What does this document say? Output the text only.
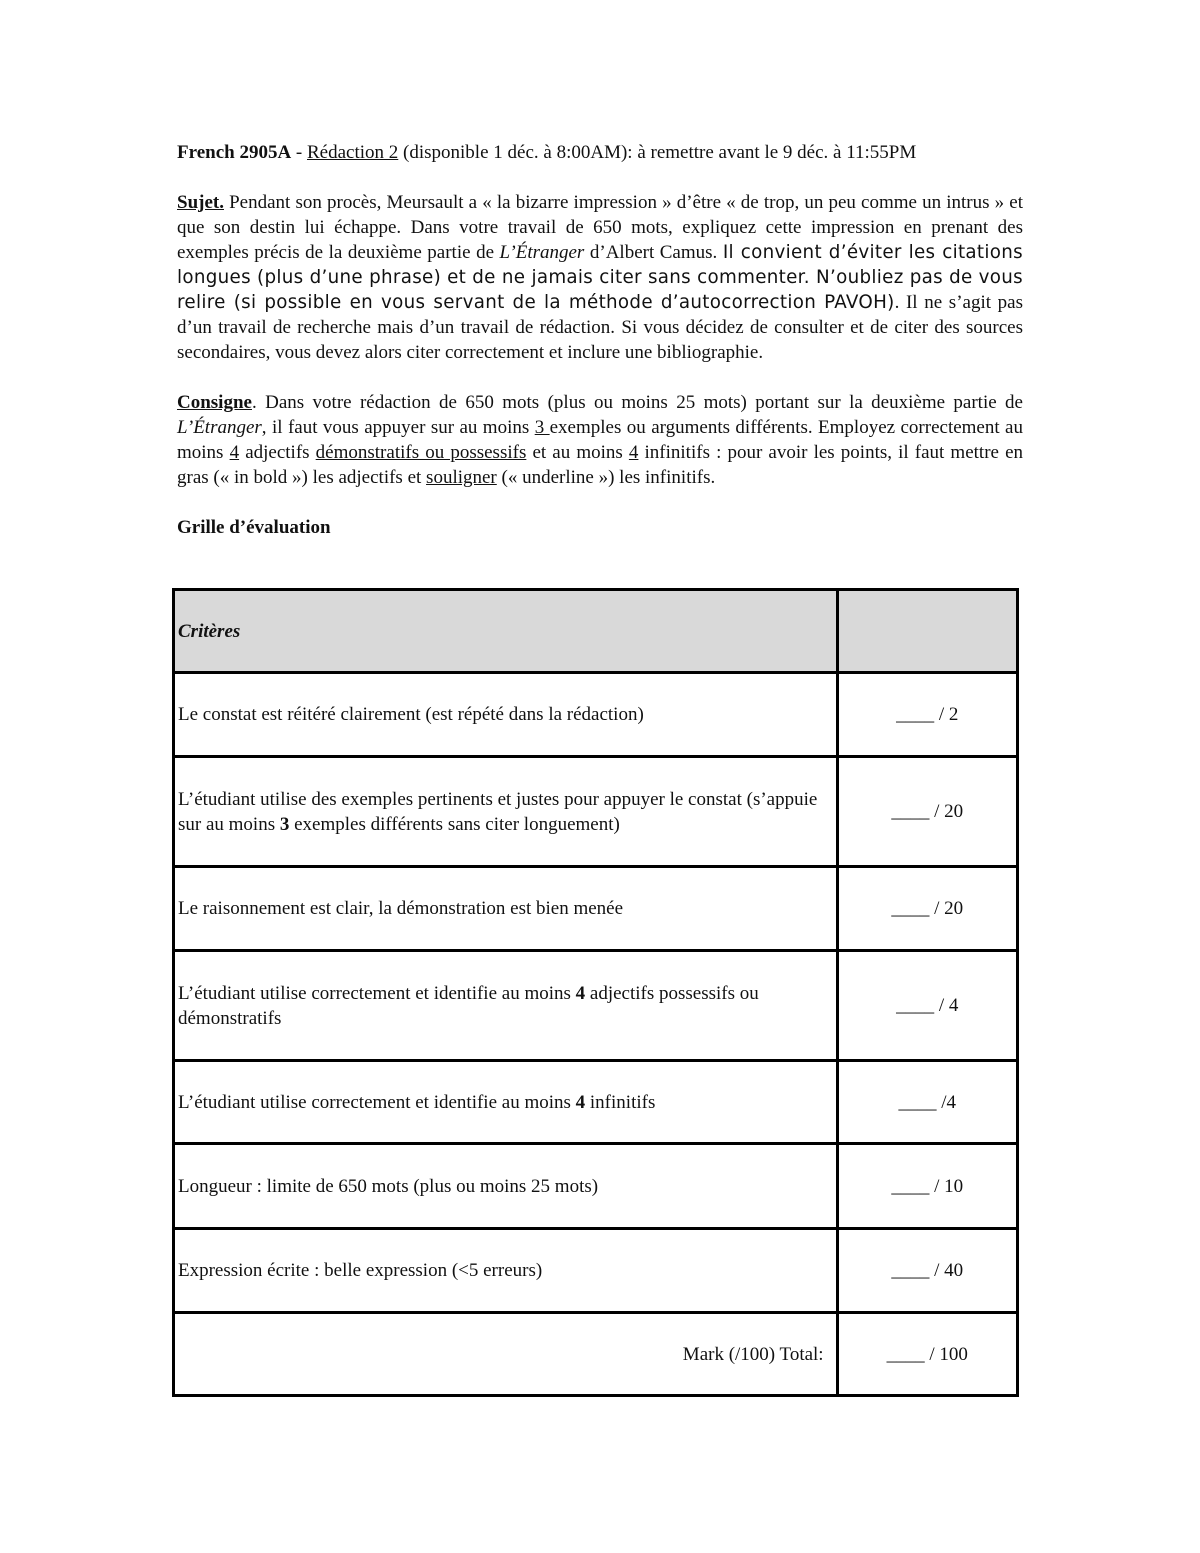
French 2905A - Rédaction 2 (disponible 1 déc. à 8:00AM): à remettre avant le 9 déc. à 11:55PM

Sujet. Pendant son procès, Meursault a « la bizarre impression » d’être « de trop, un peu comme un intrus » et que son destin lui échappe. Dans votre travail de 650 mots, expliquez cette impression en prenant des exemples précis de la deuxième partie de L’Étranger d’Albert Camus. Il convient d’éviter les citations longues (plus d’une phrase) et de ne jamais citer sans commenter. N’oubliez pas de vous relire (si possible en vous servant de la méthode d’autocorrection PAVOH). Il ne s’agit pas d’un travail de recherche mais d’un travail de rédaction. Si vous décidez de consulter et de citer des sources secondaires, vous devez alors citer correctement et inclure une bibliographie.

Consigne. Dans votre rédaction de 650 mots (plus ou moins 25 mots) portant sur la deuxième partie de L’Étranger, il faut vous appuyer sur au moins 3 exemples ou arguments différents. Employez correctement au moins 4 adjectifs démonstratifs ou possessifs et au moins 4 infinitifs : pour avoir les points, il faut mettre en gras (« in bold ») les adjectifs et souligner (« underline ») les infinitifs.

Grille d’évaluation

Critères	
Le constat est réitéré clairement (est répété dans la rédaction)	____ / 2
L’étudiant utilise des exemples pertinents et justes pour appuyer le constat (s’appuie sur au moins 3 exemples différents sans citer longuement)	____ / 20
Le raisonnement est clair, la démonstration est bien menée	____ / 20
L’étudiant utilise correctement et identifie au moins 4 adjectifs possessifs ou démonstratifs	____ / 4
L’étudiant utilise correctement et identifie au moins 4 infinitifs	____ /4
Longueur : limite de 650 mots (plus ou moins 25 mots)	____ / 10
Expression écrite : belle expression (<5 erreurs)	____ / 40
Mark (/100) Total:	____ / 100
